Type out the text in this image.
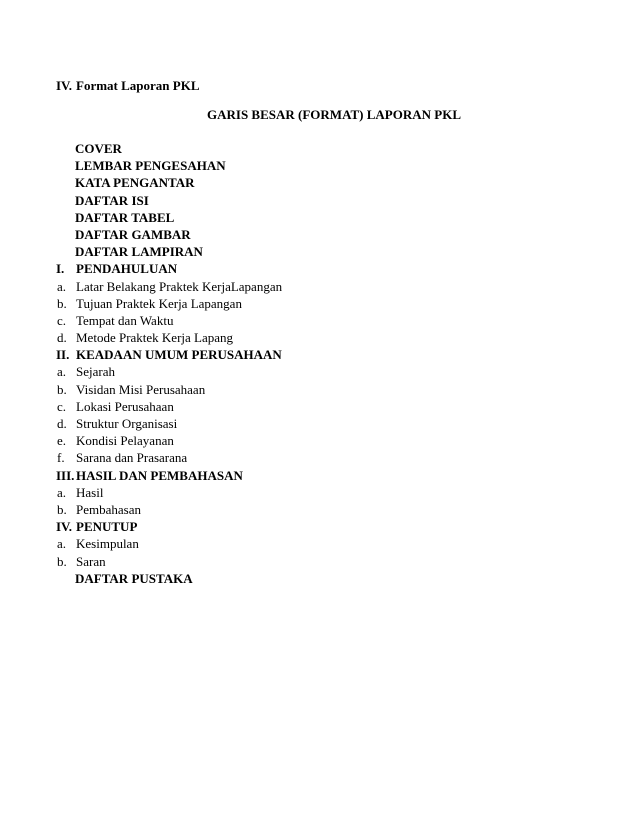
IV. Format Laporan PKL
GARIS BESAR (FORMAT) LAPORAN PKL
COVER
LEMBAR PENGESAHAN
KATA PENGANTAR
DAFTAR ISI
DAFTAR TABEL
DAFTAR GAMBAR
DAFTAR LAMPIRAN
I. PENDAHULUAN
a. Latar Belakang Praktek KerjaLapangan
b. Tujuan Praktek Kerja Lapangan
c. Tempat dan Waktu
d. Metode Praktek Kerja Lapang
II. KEADAAN UMUM PERUSAHAAN
a. Sejarah
b. Visidan Misi Perusahaan
c. Lokasi Perusahaan
d. Struktur Organisasi
e. Kondisi Pelayanan
f. Sarana dan Prasarana
III. HASIL DAN PEMBAHASAN
a. Hasil
b. Pembahasan
IV. PENUTUP
a. Kesimpulan
b. Saran
DAFTAR PUSTAKA
